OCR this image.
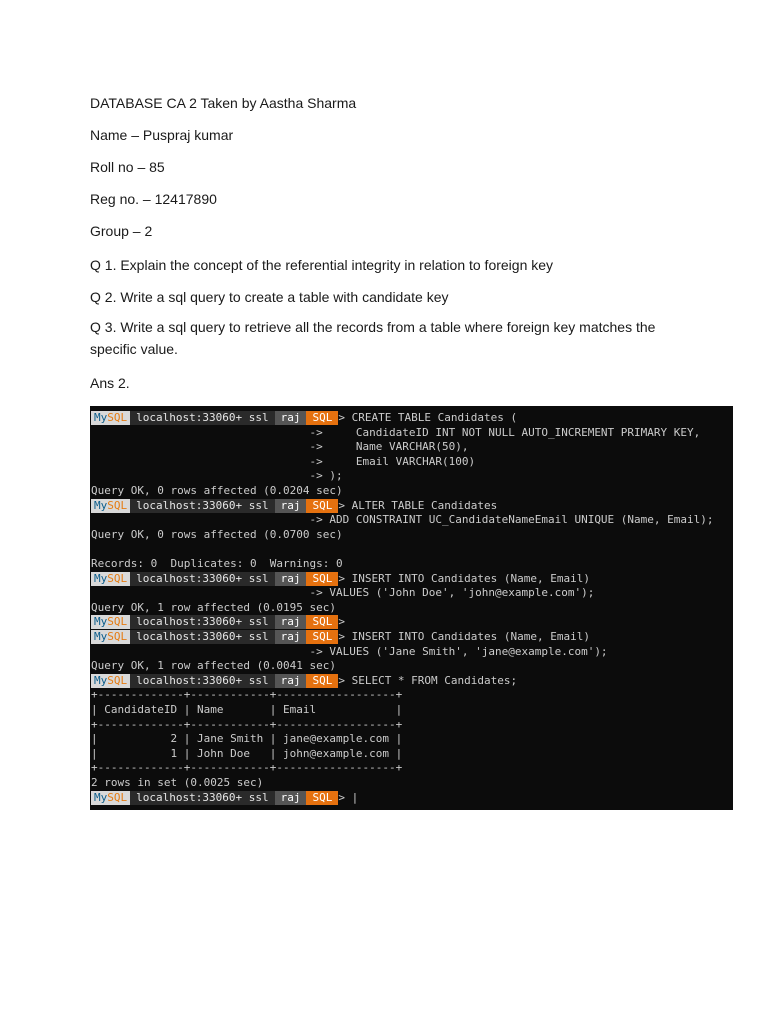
DATABASE CA 2 Taken by Aastha Sharma

Name – Puspraj kumar

Roll no – 85

Reg no. – 12417890

Group – 2

Q 1. Explain the concept of the referential integrity in relation to foreign key

Q 2. Write a sql query to create a table with candidate key

Q 3. Write a sql query to retrieve all the records from a table where foreign key matches the specific value.

Ans 2.

MySQL localhost:33060+ ssl raj SQL > CREATE TABLE Candidates (
->     CandidateID INT NOT NULL AUTO_INCREMENT PRIMARY KEY,
->     Name VARCHAR(50),
->     Email VARCHAR(100)
-> );
Query OK, 0 rows affected (0.0204 sec)
MySQL localhost:33060+ ssl raj SQL > ALTER TABLE Candidates
-> ADD CONSTRAINT UC_CandidateNameEmail UNIQUE (Name, Email);
Query OK, 0 rows affected (0.0700 sec)
Records: 0  Duplicates: 0  Warnings: 0
MySQL localhost:33060+ ssl raj SQL > INSERT INTO Candidates (Name, Email)
-> VALUES ('John Doe', 'john@example.com');
Query OK, 1 row affected (0.0195 sec)
MySQL localhost:33060+ ssl raj SQL >
MySQL localhost:33060+ ssl raj SQL > INSERT INTO Candidates (Name, Email)
-> VALUES ('Jane Smith', 'jane@example.com');
Query OK, 1 row affected (0.0041 sec)
MySQL localhost:33060+ ssl raj SQL > SELECT * FROM Candidates;
+-------------+------------+------------------+
| CandidateID | Name       | Email            |
+-------------+------------+------------------+
|           2 | Jane Smith | jane@example.com |
|           1 | John Doe   | john@example.com |
+-------------+------------+------------------+
2 rows in set (0.0025 sec)
MySQL localhost:33060+ ssl raj SQL > |
